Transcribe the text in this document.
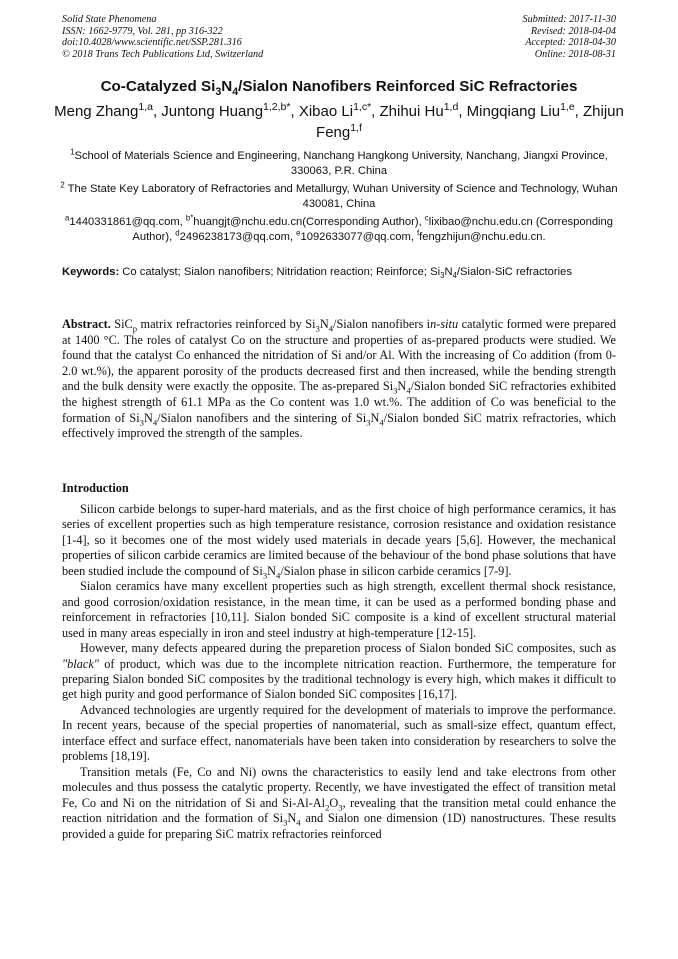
Solid State Phenomena
ISSN: 1662-9779, Vol. 281, pp 316-322
doi:10.4028/www.scientific.net/SSP.281.316
© 2018 Trans Tech Publications Ltd, Switzerland
Submitted: 2017-11-30
Revised: 2018-04-04
Accepted: 2018-04-30
Online: 2018-08-31
Co-Catalyzed $Si_3N_4$/Sialon Nanofibers Reinforced SiC Refractories
Meng Zhang$^{1,a}$, Juntong Huang$^{1,2,b*}$, Xibao $Li^{1,c*}$, Zhihui Hu$^{1,d}$, Mingqiang Liu$^{1,e}$, Zhijun Feng$^{1,f}$
$^1$School of Materials Science and Engineering, Nanchang Hangkong University, Nanchang, Jiangxi Province, 330063, P.R. China
$^2$ The State Key Laboratory of Refractories and Metallurgy, Wuhan University of Science and Technology, Wuhan 430081, China
$^a$1440331861@qq.com, $^{b*}$huangjt@nchu.edu.cn(Corresponding Author), $^c$lixibao@nchu.edu.cn (Corresponding Author), $^d$2496238173@qq.com, $^e$1092633077@qq.com, $^f$fengzhijun@nchu.edu.cn.
Keywords: Co catalyst; Sialon nanofibers; Nitridation reaction; Reinforce; $Si_3N_4/Sialon$-SiC refractories
Abstract. SiC$_p$ matrix refractories reinforced by $Si_3N_4$/Sialon nanofibers in-situ catalytic formed were prepared at 1400 °C. The roles of catalyst Co on the structure and properties of as-prepared products were studied. We found that the catalyst Co enhanced the nitridation of Si and/or Al. With the increasing of Co addition (from 0-2.0 wt.%), the apparent porosity of the products decreased first and then increased, while the bending strength and the bulk density were exactly the opposite. The as-prepared $Si_3N_4$/Sialon bonded SiC refractories exhibited the highest strength of 61.1 MPa as the Co content was 1.0 wt.%. The addition of Co was beneficial to the formation of $Si_3N_4$/Sialon nanofibers and the sintering of $Si_3N_4$/Sialon bonded SiC matrix refractories, which effectively improved the strength of the samples.
Introduction

Silicon carbide belongs to super-hard materials, and as the first choice of high performance ceramics, it has series of excellent properties such as high temperature resistance, corrosion resistance and oxidation resistance [1-4], so it becomes one of the most widely used materials in decade years [5,6]. However, the mechanical properties of silicon carbide ceramics are limited because of the behaviour of the bond phase solutions that have been studied include the compound of $Si_3N_4$/Sialon phase in silicon carbide ceramics [7-9].

Sialon ceramics have many excellent properties such as high strength, excellent thermal shock resistance, and good corrosion/oxidation resistance, in the mean time, it can be used as a performed bonding phase and reinforcement in refractories [10,11]. Sialon bonded SiC composite is a kind of excellent structural material used in many areas especially in iron and steel industry at high-temperature [12-15].

However, many defects appeared during the preparetion process of Sialon bonded SiC composites, such as "black" of product, which was due to the incomplete nitrication reaction. Furthermore, the temperature for preparing Sialon bonded SiC composites by the traditional technology is every high, which makes it difficult to get high purity and good performance of Sialon bonded SiC composites [16,17].

Advanced technologies are urgently required for the development of materials to improve the performance. In recent years, because of the special properties of nanomaterial, such as small-size effect, quantum effect, interface effect and surface effect, nanomaterials have been taken into consideration by researchers to solve the problems [18,19].

Transition metals (Fe, Co and Ni) owns the characteristics to easily lend and take electrons from other molecules and thus possess the catalytic property. Recently, we have investigated the effect of transition metal Fe, Co and Ni on the nitridation of Si and $Si-Al-Al_2O_3$, revealing that the transition metal could enhance the reaction nitridation and the formation of $Si_3N_4$ and Sialon one dimension (1D) nanostructures. These results provided a guide for preparing SiC matrix refractories reinforced
